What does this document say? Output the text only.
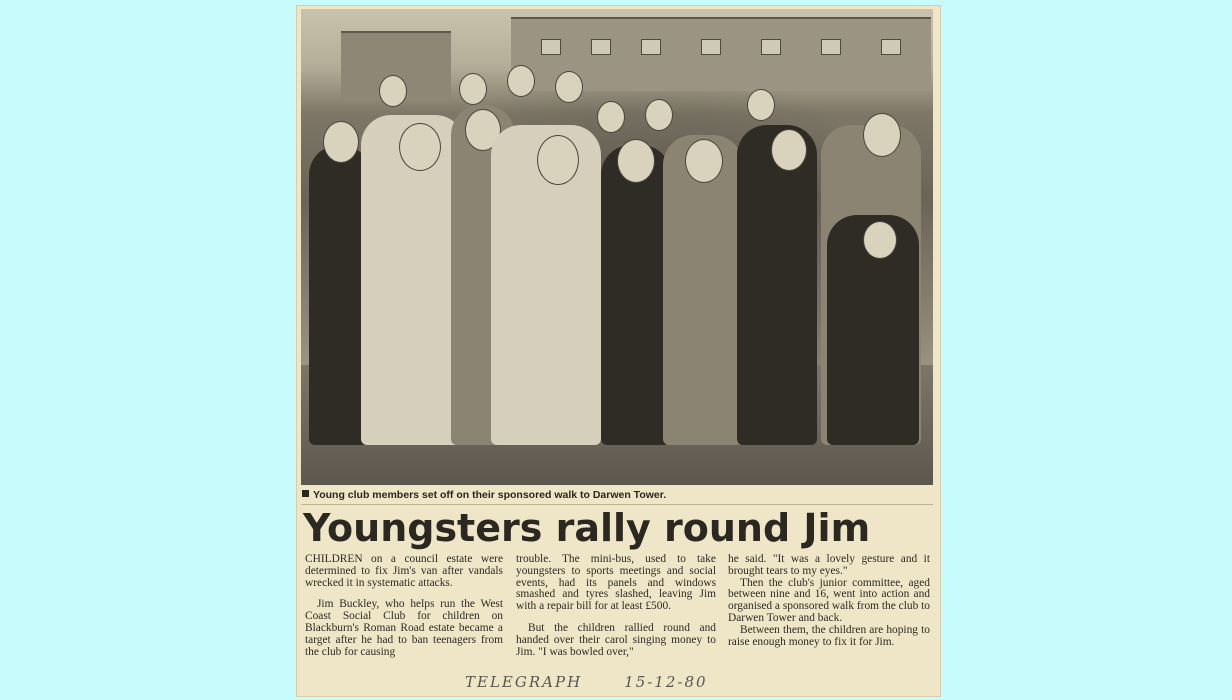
Young club members set off on their sponsored walk to Darwen Tower.
Youngsters rally round Jim

CHILDREN on a council estate were determined to fix Jim's van after vandals wrecked it in systematic attacks.

Jim Buckley, who helps run the West Coast Social Club for children on Blackburn's Roman Road estate became a target after he had to ban teenagers from the club for causing

trouble. The mini-bus, used to take youngsters to sports meetings and social events, had its panels and windows smashed and tyres slashed, leaving Jim with a repair bill for at least £500.

But the children rallied round and handed over their carol singing money to Jim. "I was bowled over,"

he said. "It was a lovely gesture and it brought tears to my eyes."

Then the club's junior committee, aged between nine and 16, went into action and organised a sponsored walk from the club to Darwen Tower and back.

Between them, the children are hoping to raise enough money to fix it for Jim.

TELEGRAPH	15-12-80
